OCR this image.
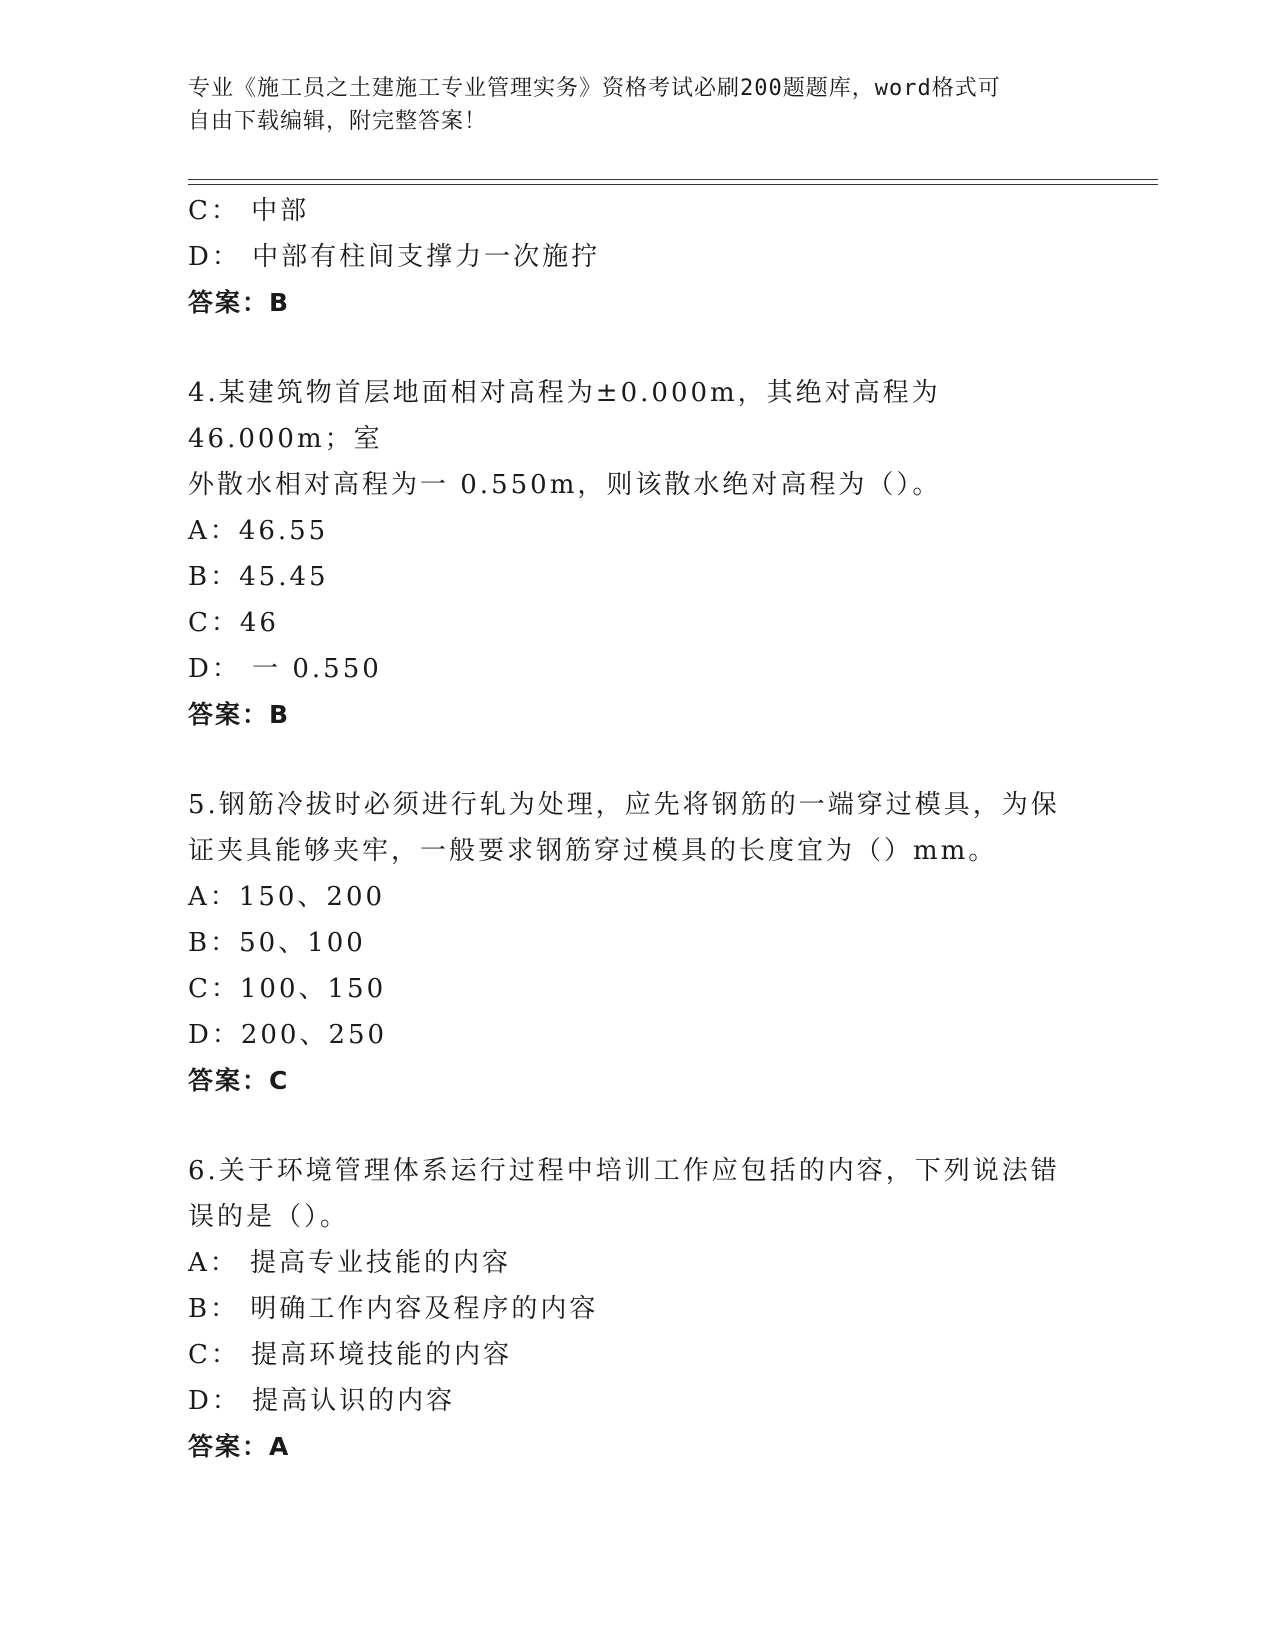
专业《施工员之土建施工专业管理实务》资格考试必刷200题题库，word格式可
自由下载编辑，附完整答案！
C： 中部
D： 中部有柱间支撑力一次施拧
答案：B
4.某建筑物首层地面相对高程为±0.000m，其绝对高程为46.000m；室
外散水相对高程为一 0.550m，则该散水绝对高程为（）。
A：46.55
B：45.45
C：46
D： 一 0.550
答案：B
5.钢筋冷拔时必须进行轧为处理，应先将钢筋的一端穿过模具，为保
证夹具能够夹牢，一般要求钢筋穿过模具的长度宜为（）mm。
A：150、200
B：50、100
C：100、150
D：200、250
答案：C
6.关于环境管理体系运行过程中培训工作应包括的内容，下列说法错
误的是（）。
A： 提高专业技能的内容
B： 明确工作内容及程序的内容
C： 提高环境技能的内容
D： 提高认识的内容
答案：A
